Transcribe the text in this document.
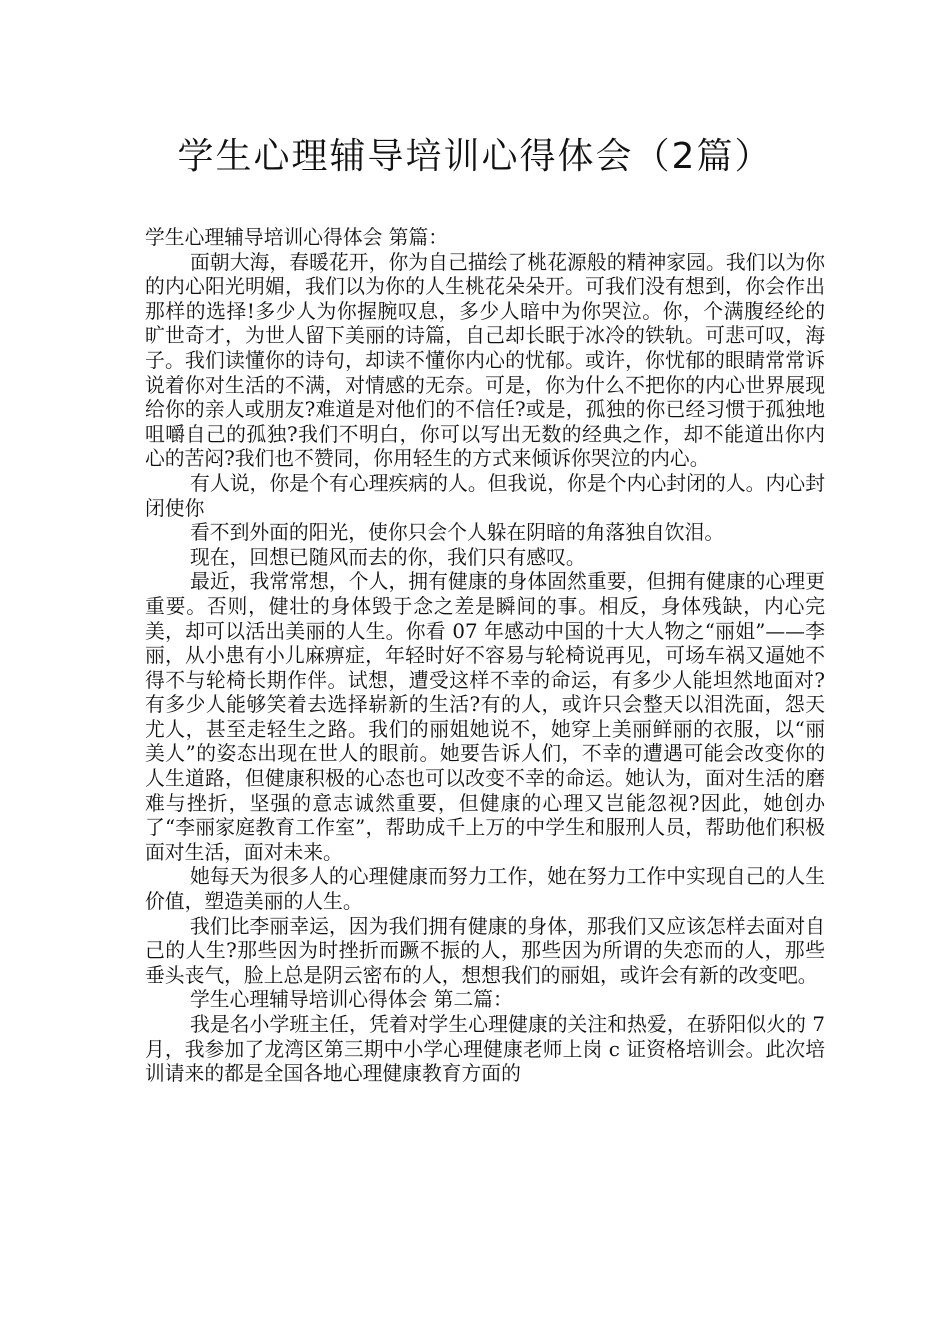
学生心理辅导培训心得体会（2篇）

学生心理辅导培训心得体会 第篇：

面朝大海，春暖花开，你为自己描绘了桃花源般的精神家园。我们以为你的内心阳光明媚，我们以为你的人生桃花朵朵开。可我们没有想到，你会作出那样的选择!多少人为你握腕叹息，多少人暗中为你哭泣。你，个满腹经纶的旷世奇才，为世人留下美丽的诗篇，自己却长眠于冰冷的铁轨。可悲可叹，海子。我们读懂你的诗句，却读不懂你内心的忧郁。或许，你忧郁的眼睛常常诉说着你对生活的不满，对情感的无奈。可是，你为什么不把你的内心世界展现给你的亲人或朋友?难道是对他们的不信任?或是，孤独的你已经习惯于孤独地咀嚼自己的孤独?我们不明白，你可以写出无数的经典之作，却不能道出你内心的苦闷?我们也不赞同，你用轻生的方式来倾诉你哭泣的内心。

有人说，你是个有心理疾病的人。但我说，你是个内心封闭的人。内心封闭使你

看不到外面的阳光，使你只会个人躲在阴暗的角落独自饮泪。

现在，回想已随风而去的你，我们只有感叹。

最近，我常常想，个人，拥有健康的身体固然重要，但拥有健康的心理更重要。否则，健壮的身体毁于念之差是瞬间的事。相反，身体残缺，内心完美，却可以活出美丽的人生。你看 07 年感动中国的十大人物之“丽姐”——李丽，从小患有小儿麻痹症，年轻时好不容易与轮椅说再见，可场车祸又逼她不得不与轮椅长期作伴。试想，遭受这样不幸的命运，有多少人能坦然地面对?有多少人能够笑着去选择崭新的生活?有的人，或许只会整天以泪洗面，怨天尤人，甚至走轻生之路。我们的丽姐她说不，她穿上美丽鲜丽的衣服，以“丽美人”的姿态出现在世人的眼前。她要告诉人们，不幸的遭遇可能会改变你的人生道路，但健康积极的心态也可以改变不幸的命运。她认为，面对生活的磨难与挫折，坚强的意志诚然重要，但健康的心理又岂能忽视?因此，她创办了“李丽家庭教育工作室”，帮助成千上万的中学生和服刑人员，帮助他们积极面对生活，面对未来。

她每天为很多人的心理健康而努力工作，她在努力工作中实现自己的人生价值，塑造美丽的人生。

我们比李丽幸运，因为我们拥有健康的身体，那我们又应该怎样去面对自己的人生?那些因为时挫折而蹶不振的人，那些因为所谓的失恋而的人，那些垂头丧气，脸上总是阴云密布的人，想想我们的丽姐，或许会有新的改变吧。

学生心理辅导培训心得体会 第二篇：

我是名小学班主任，凭着对学生心理健康的关注和热爱，在骄阳似火的 7 月，我参加了龙湾区第三期中小学心理健康老师上岗 c 证资格培训会。此次培训请来的都是全国各地心理健康教育方面的
